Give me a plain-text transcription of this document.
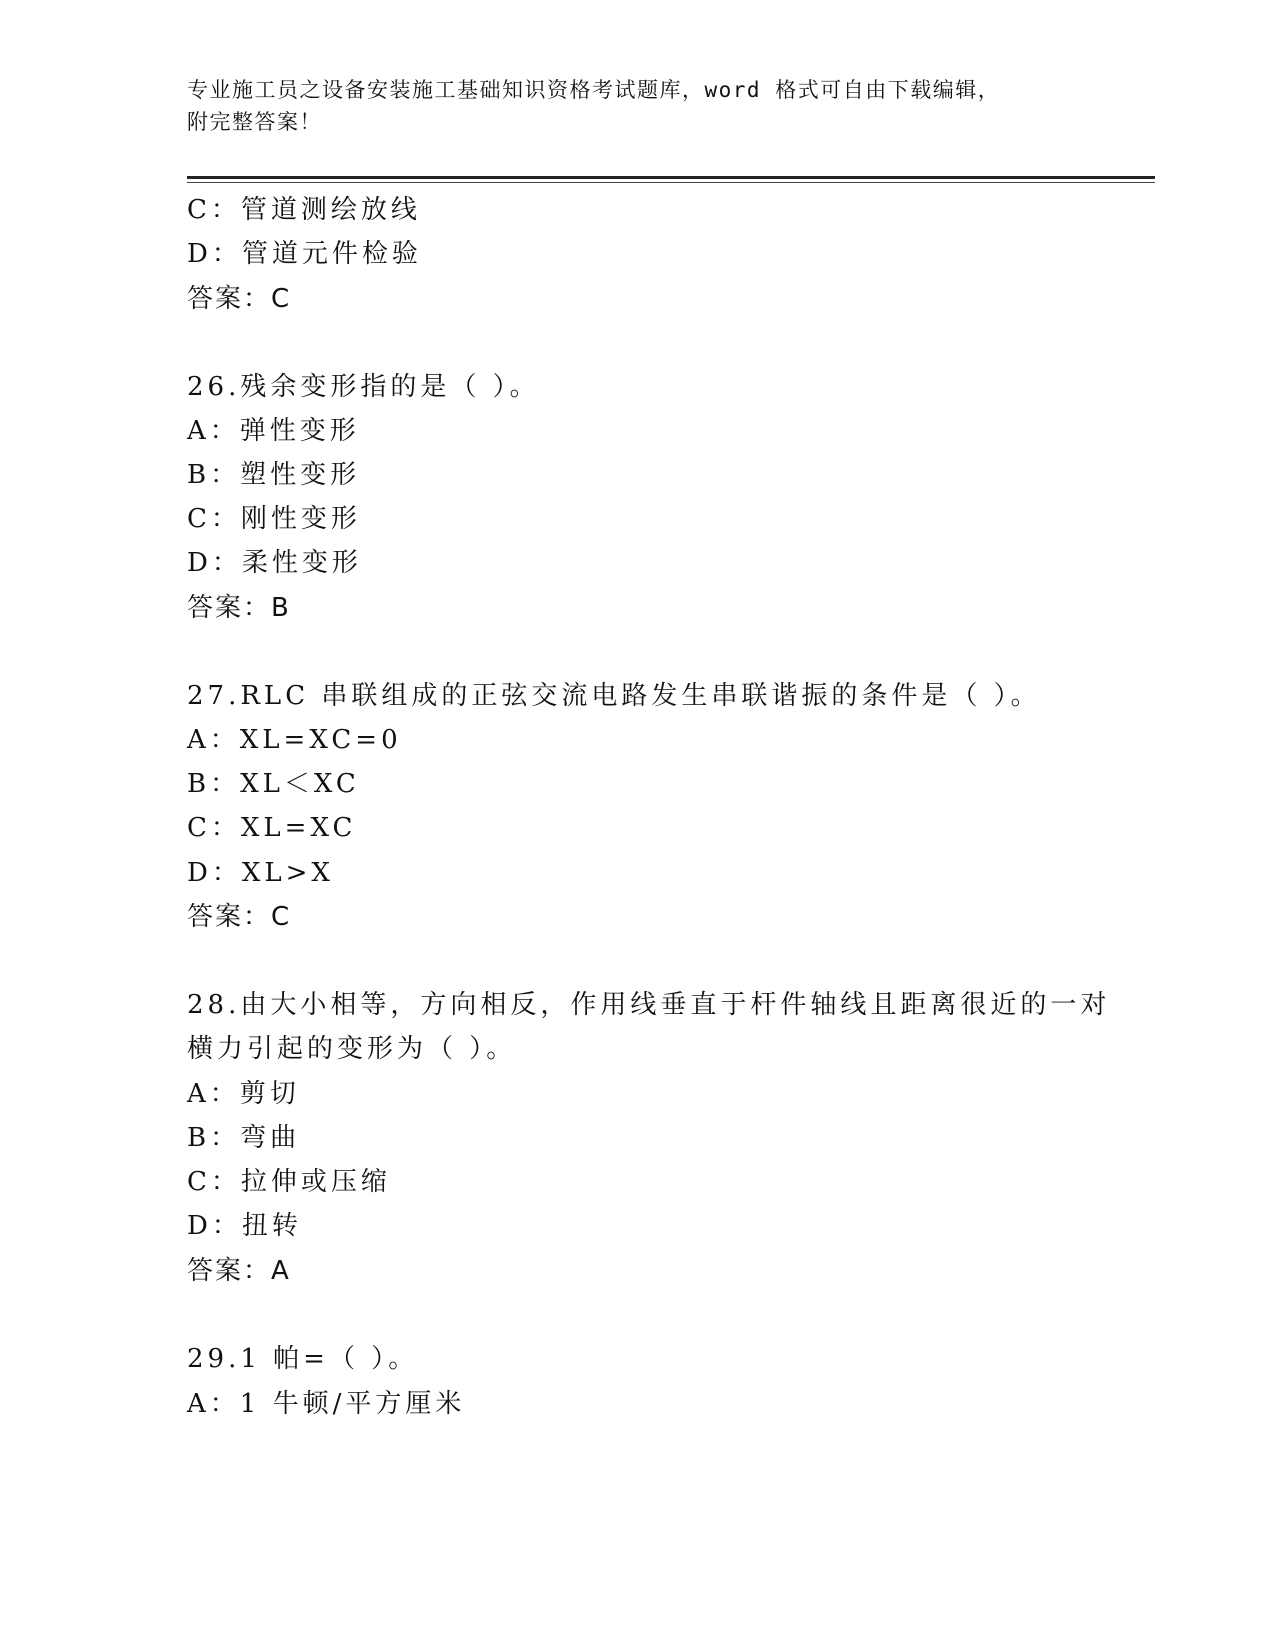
专业施工员之设备安装施工基础知识资格考试题库，word 格式可自由下载编辑，
附完整答案！
C：管道测绘放线
D：管道元件检验
答案：C
26.残余变形指的是（ ）。
A：弹性变形
B：塑性变形
C：刚性变形
D：柔性变形
答案：B
27.RLC 串联组成的正弦交流电路发生串联谐振的条件是（ ）。
A：XL=XC=0
B：XL＜XC
C：XL=XC
D：XL>X
答案：C
28.由大小相等，方向相反，作用线垂直于杆件轴线且距离很近的一对
横力引起的变形为（ ）。
A：剪切
B：弯曲
C：拉伸或压缩
D：扭转
答案：A
29.1 帕=（ ）。
A：1 牛顿/平方厘米
